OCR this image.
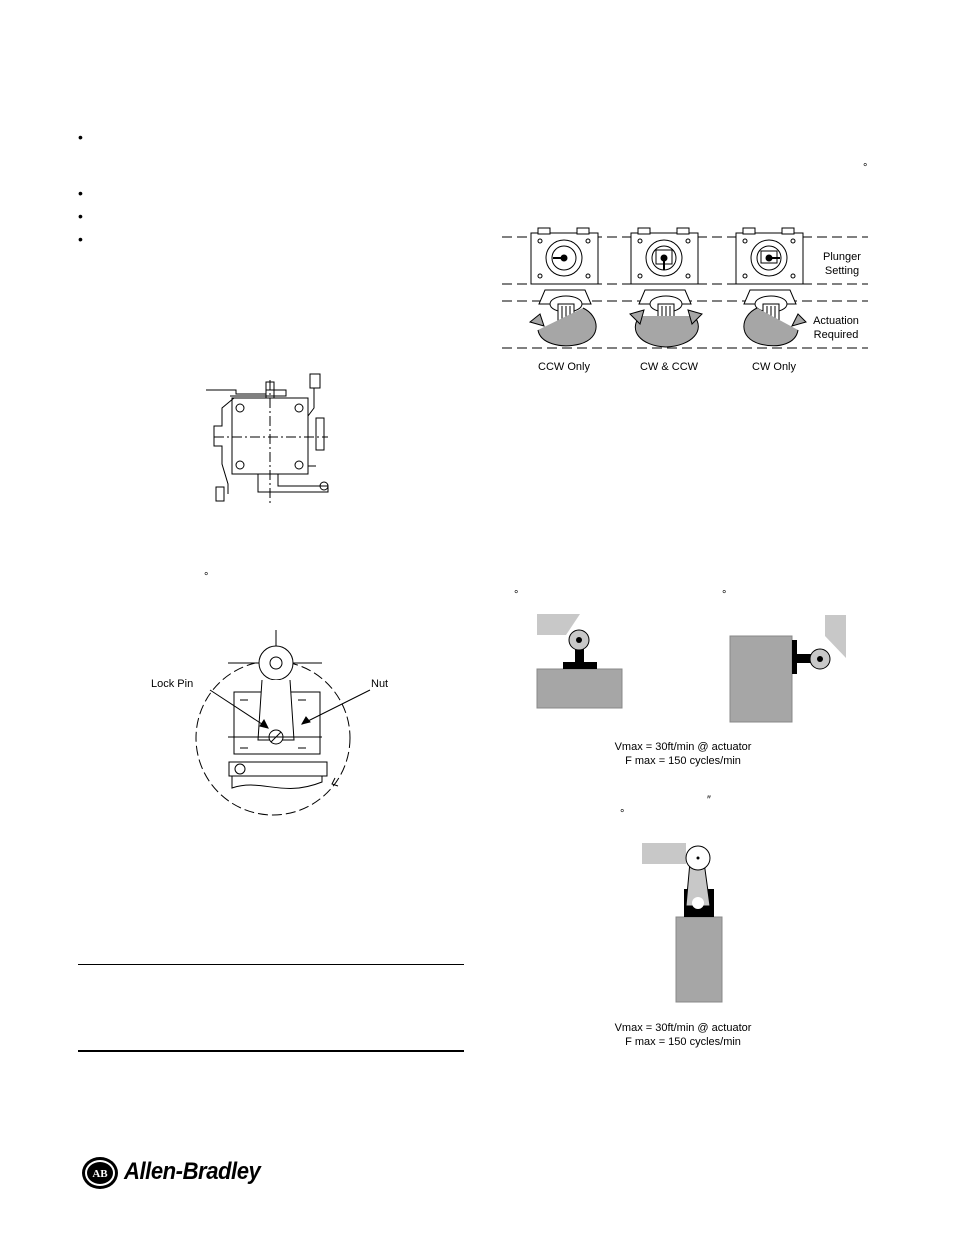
•
•
•
•
°
°
°	°
°
″
Plunger
Setting
Actuation
Required
CCW Only	CW & CCW	CW Only
Lock Pin	Nut
Vmax = 30ft/min @ actuator
F max = 150 cycles/min
Vmax = 30ft/min @ actuator
F max = 150 cycles/min
AB Allen-Bradley
